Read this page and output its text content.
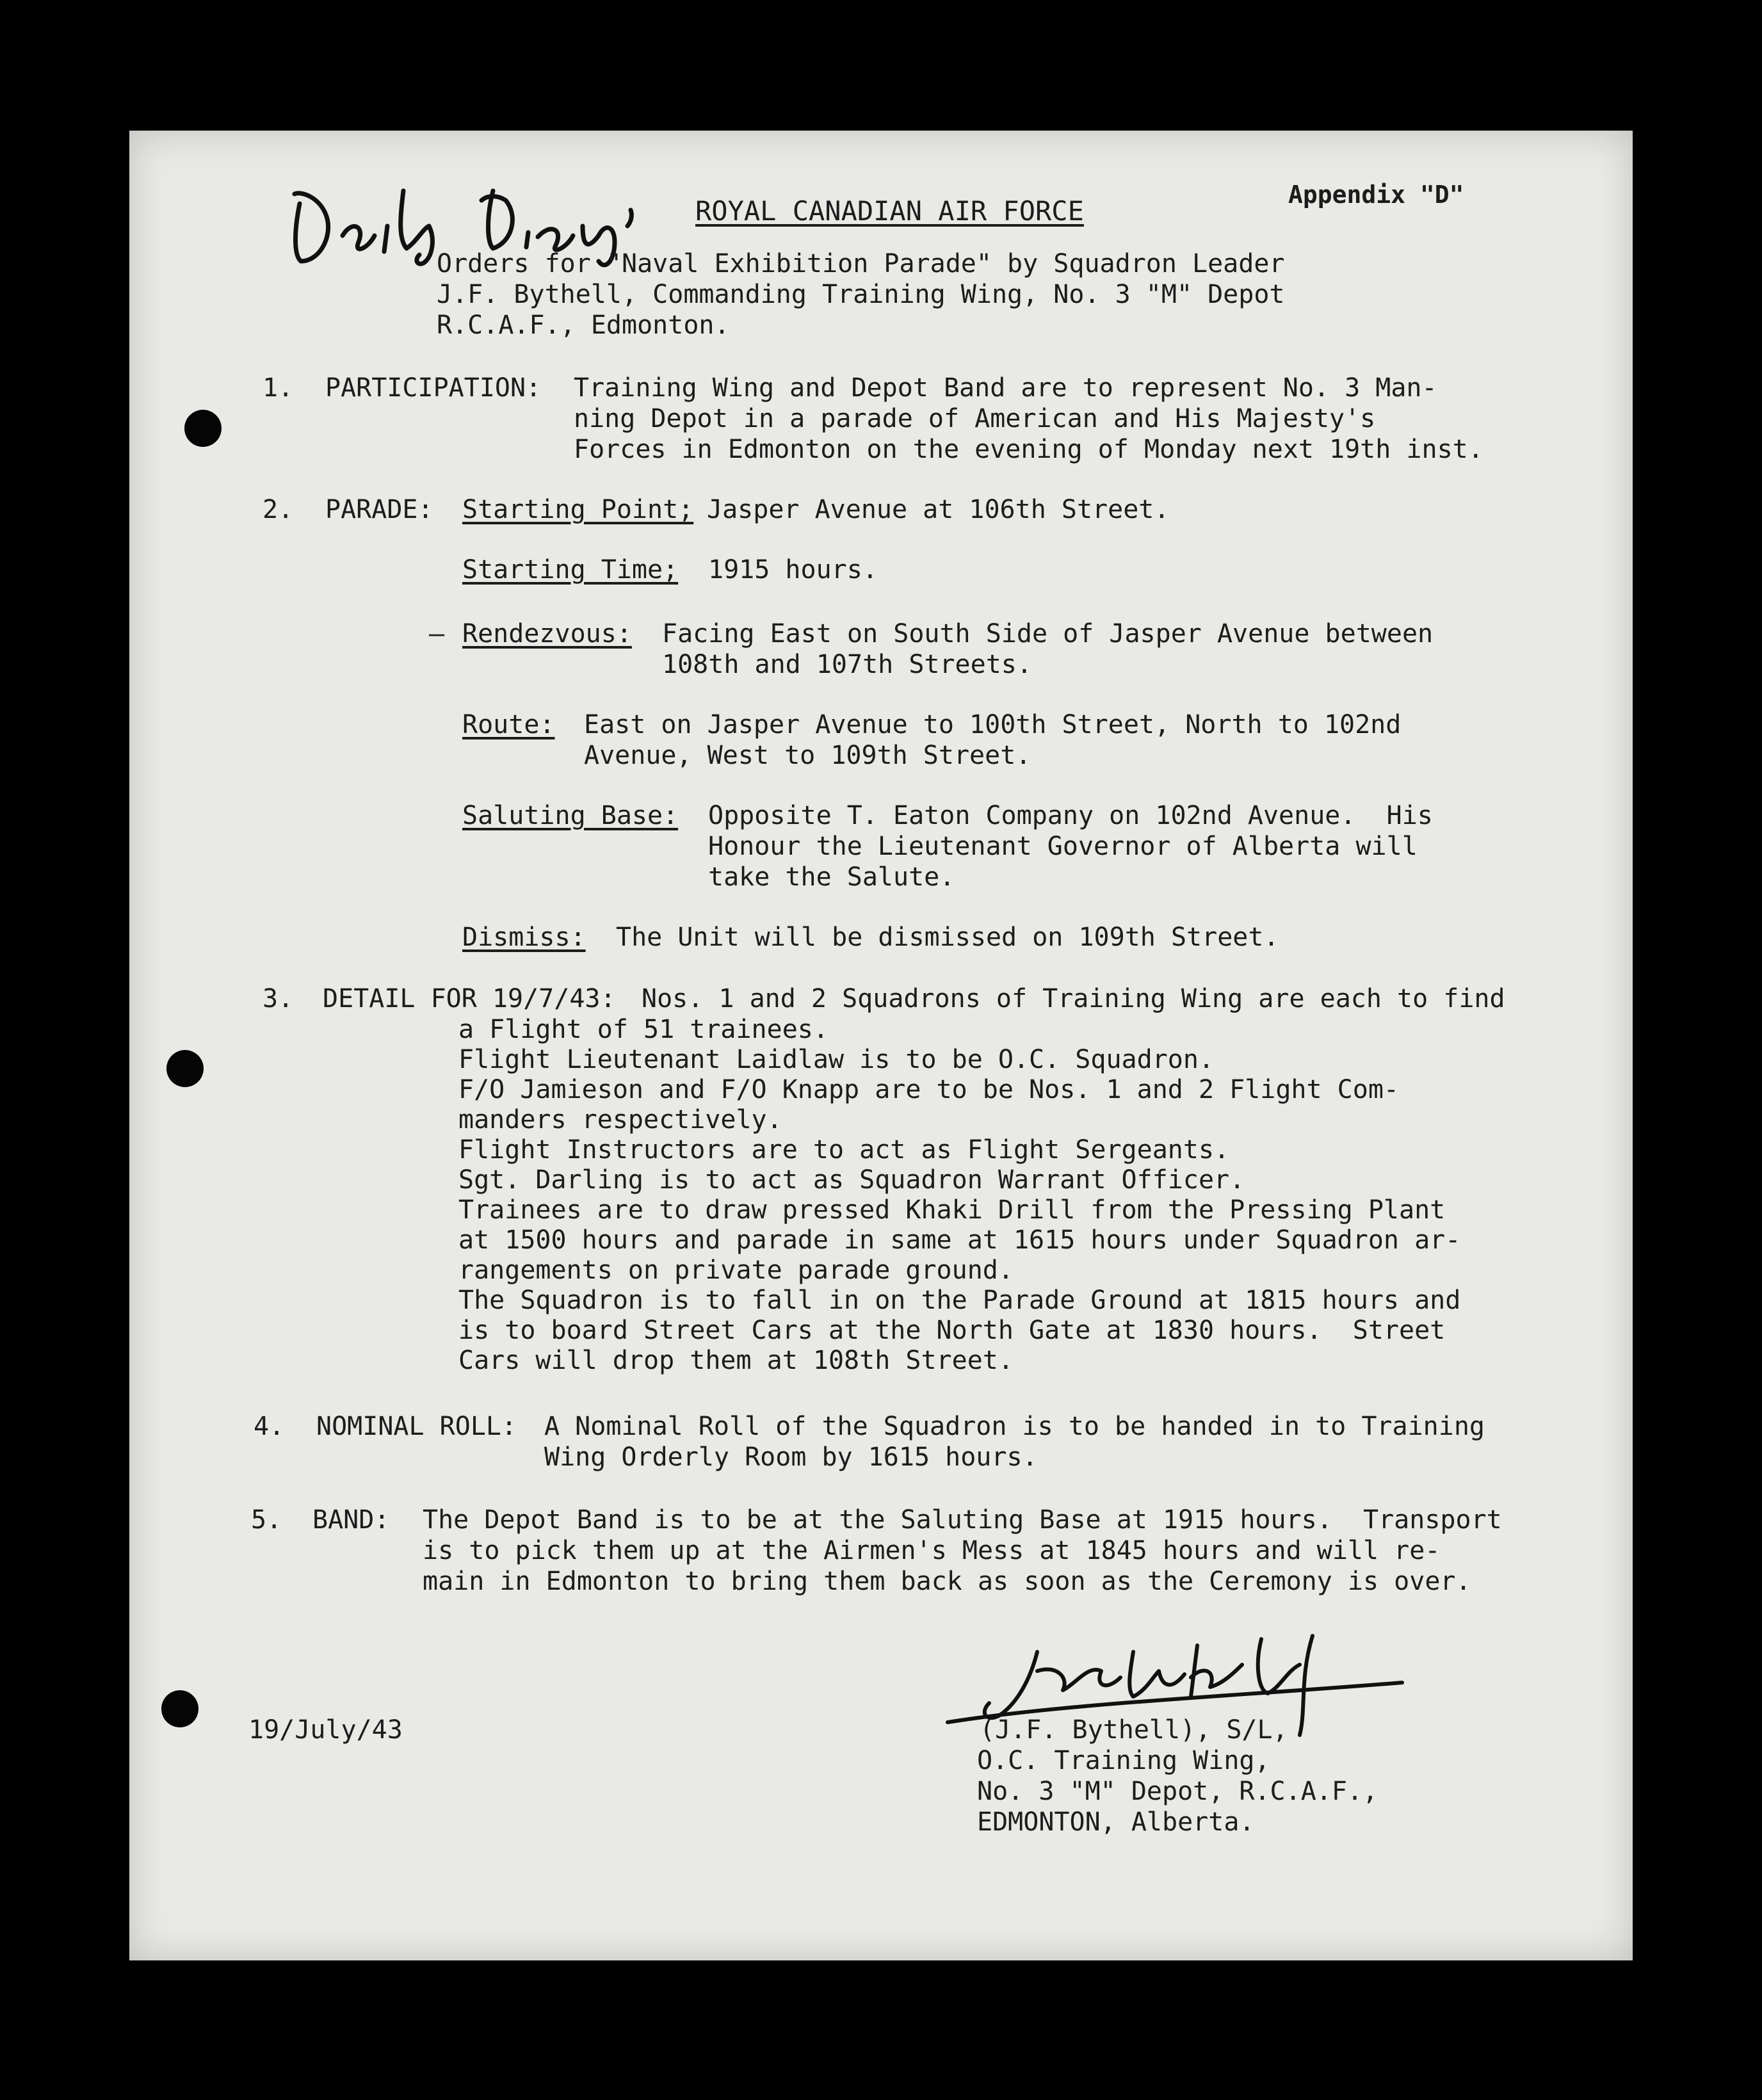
Daily Diary
ROYAL CANADIAN AIR FORCE
Appendix "D"
Orders for "Naval Exhibition Parade" by Squadron Leader
J.F. Bythell, Commanding Training Wing, No. 3 "M" Depot
R.C.A.F., Edmonton.
1. PARTICIPATION: Training Wing and Depot Band are to represent No. 3 Man-
ning Depot in a parade of American and His Majesty's
Forces in Edmonton on the evening of Monday next 19th inst.
2. PARADE: Starting Point; Jasper Avenue at 106th Street.
Starting Time; 1915 hours.
— Rendezvous: Facing East on South Side of Jasper Avenue between
108th and 107th Streets.
Route: East on Jasper Avenue to 100th Street, North to 102nd
Avenue, West to 109th Street.
Saluting Base: Opposite T. Eaton Company on 102nd Avenue.  His
Honour the Lieutenant Governor of Alberta will
take the Salute.
Dismiss: The Unit will be dismissed on 109th Street.
3. DETAIL FOR 19/7/43: Nos. 1 and 2 Squadrons of Training Wing are each to find
a Flight of 51 trainees.
Flight Lieutenant Laidlaw is to be O.C. Squadron.
F/O Jamieson and F/O Knapp are to be Nos. 1 and 2 Flight Com-
manders respectively.
Flight Instructors are to act as Flight Sergeants.
Sgt. Darling is to act as Squadron Warrant Officer.
Trainees are to draw pressed Khaki Drill from the Pressing Plant
at 1500 hours and parade in same at 1615 hours under Squadron ar-
rangements on private parade ground.
The Squadron is to fall in on the Parade Ground at 1815 hours and
is to board Street Cars at the North Gate at 1830 hours.  Street
Cars will drop them at 108th Street.
4. NOMINAL ROLL: A Nominal Roll of the Squadron is to be handed in to Training
Wing Orderly Room by 1615 hours.
5. BAND: The Depot Band is to be at the Saluting Base at 1915 hours.  Transport
is to pick them up at the Airmen's Mess at 1845 hours and will re-
main in Edmonton to bring them back as soon as the Ceremony is over.
19/July/43	(J.F. Bythell), S/L,
O.C. Training Wing,
No. 3 "M" Depot, R.C.A.F.,
EDMONTON, Alberta.
